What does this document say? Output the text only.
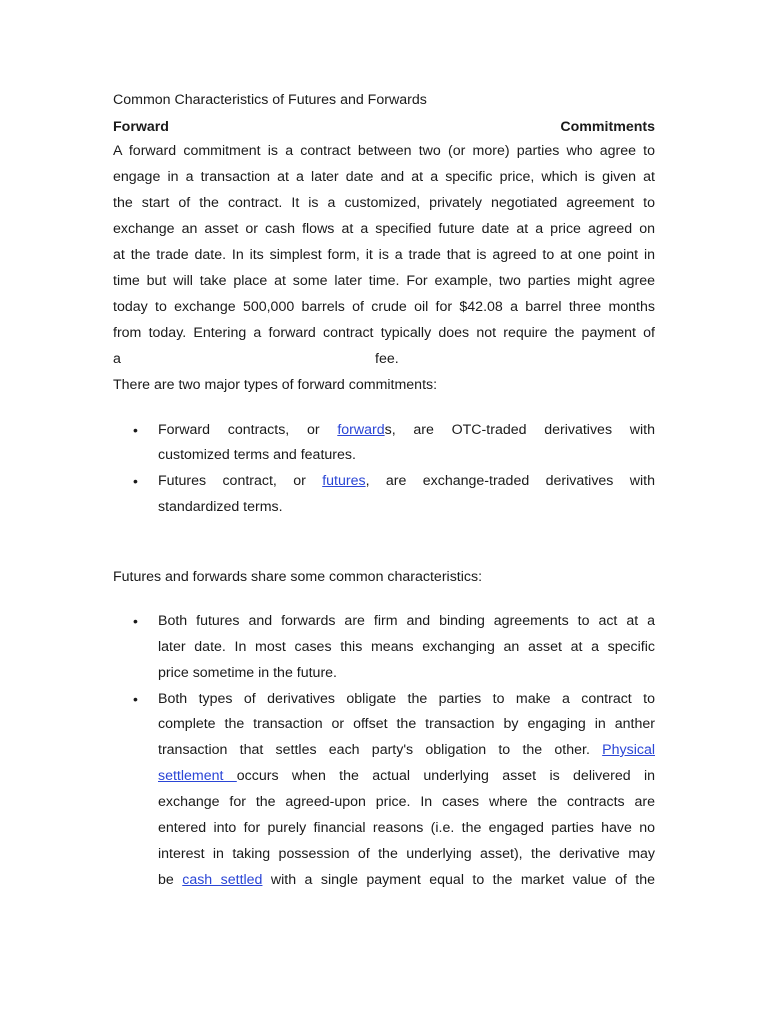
Common Characteristics of Futures and Forwards
Forward	Commitments
A forward commitment is a contract between two (or more) parties who agree to
engage in a transaction at a later date and at a specific price, which is given at
the start of the contract. It is a customized, privately negotiated agreement to
exchange an asset or cash flows at a specified future date at a price agreed on
at the trade date. In its simplest form, it is a trade that is agreed to at one point in
time but will take place at some later time. For example, two parties might agree
today to exchange 500,000 barrels of crude oil for $42.08 a barrel three months
from today. Entering a forward contract typically does not require the payment of
a	fee.
There are two major types of forward commitments:
• Forward contracts, or forwards, are OTC-traded derivatives with
customized terms and features.
• Futures contract, or futures, are exchange-traded derivatives with
standardized terms.
Futures and forwards share some common characteristics:
• Both futures and forwards are firm and binding agreements to act at a
later date. In most cases this means exchanging an asset at a specific
price sometime in the future.
• Both types of derivatives obligate the parties to make a contract to
complete the transaction or offset the transaction by engaging in anther
transaction that settles each party's obligation to the other. Physical
settlement occurs when the actual underlying asset is delivered in
exchange for the agreed-upon price. In cases where the contracts are
entered into for purely financial reasons (i.e. the engaged parties have no
interest in taking possession of the underlying asset), the derivative may
be cash settled with a single payment equal to the market value of the
